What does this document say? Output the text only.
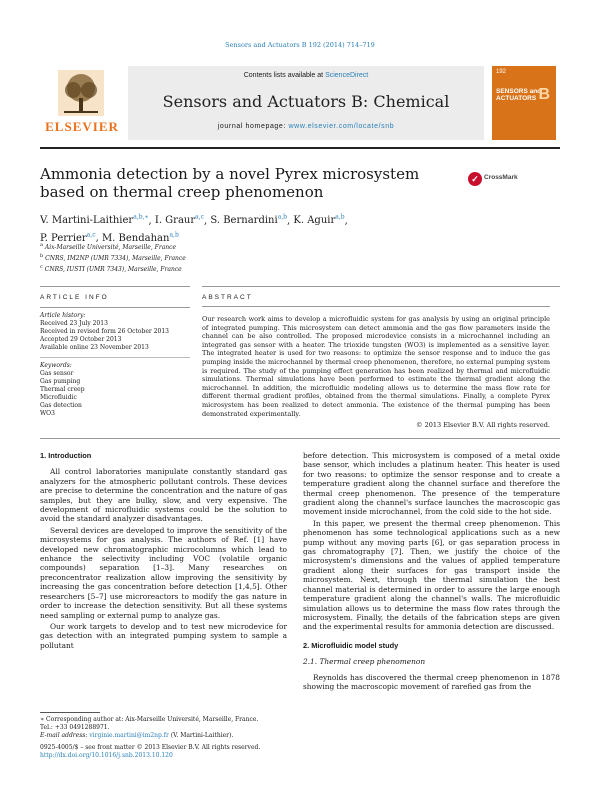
Sensors and Actuators B 192 (2014) 714–719
ELSEVIER
Contents lists available at ScienceDirect
Sensors and Actuators B: Chemical
journal homepage: www.elsevier.com/locate/snb
192
SENSORS and ACTUATORS B
Ammonia detection by a novel Pyrex microsystem based on thermal creep phenomenon
✓ CrossMark
V. Martini-Laithier$^{a,b,∗}$, I. Graur$^{a,c}$, S. Bernardini$^{a,b}$, K. Aguir$^{a,b}$,
P. Perrier$^{a,c}$, M. Bendahan$^{a,b}$
$^a$ Aix-Marseille Université, Marseille, France
$^b$ CNRS, IM2NP (UMR 7334), Marseille, France
$^c$ CNRS, IUSTI (UMR 7343), Marseille, France
ARTICLE INFO
Article history:
Received 23 July 2013
Received in revised form 26 October 2013
Accepted 29 October 2013
Available online 23 November 2013
Keywords:
Gas sensor
Gas pumping
Thermal creep
Microfluidic
Gas detection
WO3
ABSTRACT
Our research work aims to develop a microfluidic system for gas analysis by using an original principle of integrated pumping. This microsystem can detect ammonia and the gas flow parameters inside the channel can be also controlled. The proposed microdevice consists in a microchannel including an integrated gas sensor with a heater. The trioxide tungsten (WO3) is implemented as a sensitive layer. The integrated heater is used for two reasons: to optimize the sensor response and to induce the gas pumping inside the microchannel by thermal creep phenomenon, therefore, no external pumping system is required. The study of the pumping effect generation has been realized by thermal and microfluidic simulations. Thermal simulations have been performed to estimate the thermal gradient along the microchannel. In addition, the microfluidic modeling allows us to determine the mass flow rate for different thermal gradient profiles, obtained from the thermal simulations. Finally, a complete Pyrex microsystem has been realized to detect ammonia. The existence of the thermal pumping has been demonstrated experimentally.
© 2013 Elsevier B.V. All rights reserved.
1. Introduction

All control laboratories manipulate constantly standard gas analyzers for the atmospheric pollutant controls. These devices are precise to determine the concentration and the nature of gas samples, but they are bulky, slow, and very expensive. The development of microfluidic systems could be the solution to avoid the standard analyzer disadvantages.

Several devices are developed to improve the sensitivity of the microsystems for gas analysis. The authors of Ref. [1] have developed new chromatographic microcolumns which lead to enhance the selectivity including VOC (volatile organic compounds) separation [1–3]. Many researches on preconcentrator realization allow improving the sensitivity by increasing the gas concentration before detection [1,4,5]. Other researchers [5–7] use microreactors to modify the gas nature in order to increase the detection sensitivity. But all these systems need sampling or external pump to analyze gas.

Our work targets to develop and to test new microdevice for gas detection with an integrated pumping system to sample a pollutant

before detection. This microsystem is composed of a metal oxide base sensor, which includes a platinum heater. This heater is used for two reasons: to optimize the sensor response and to create a temperature gradient along the channel surface and therefore the thermal creep phenomenon. The presence of the temperature gradient along the channel's surface launches the macroscopic gas movement inside microchannel, from the cold side to the hot side.

In this paper, we present the thermal creep phenomenon. This phenomenon has some technological applications such as a new pump without any moving parts [6], or gas separation process in gas chromatography [7]. Then, we justify the choice of the microsystem's dimensions and the values of applied temperature gradient along their surfaces for gas transport inside the microsystem. Next, through the thermal simulation the best channel material is determined in order to assure the large enough temperature gradient along the channel's walls. The microfluidic simulation allows us to determine the mass flow rates through the microsystem. Finally, the details of the fabrication steps are given and the experimental results for ammonia detection are discussed.

2. Microfluidic model study
2.1. Thermal creep phenomenon

Reynolds has discovered the thermal creep phenomenon in 1878 showing the macroscopic movement of rarefied gas from the

∗ Corresponding author at: Aix-Marseille Université, Marseille, France.
Tel.: +33 0491288971.
E-mail address: virginie.martini@im2np.fr (V. Martini-Laithier).
0925-4005/$ – see front matter © 2013 Elsevier B.V. All rights reserved.
http://dx.doi.org/10.1016/j.snb.2013.10.120
